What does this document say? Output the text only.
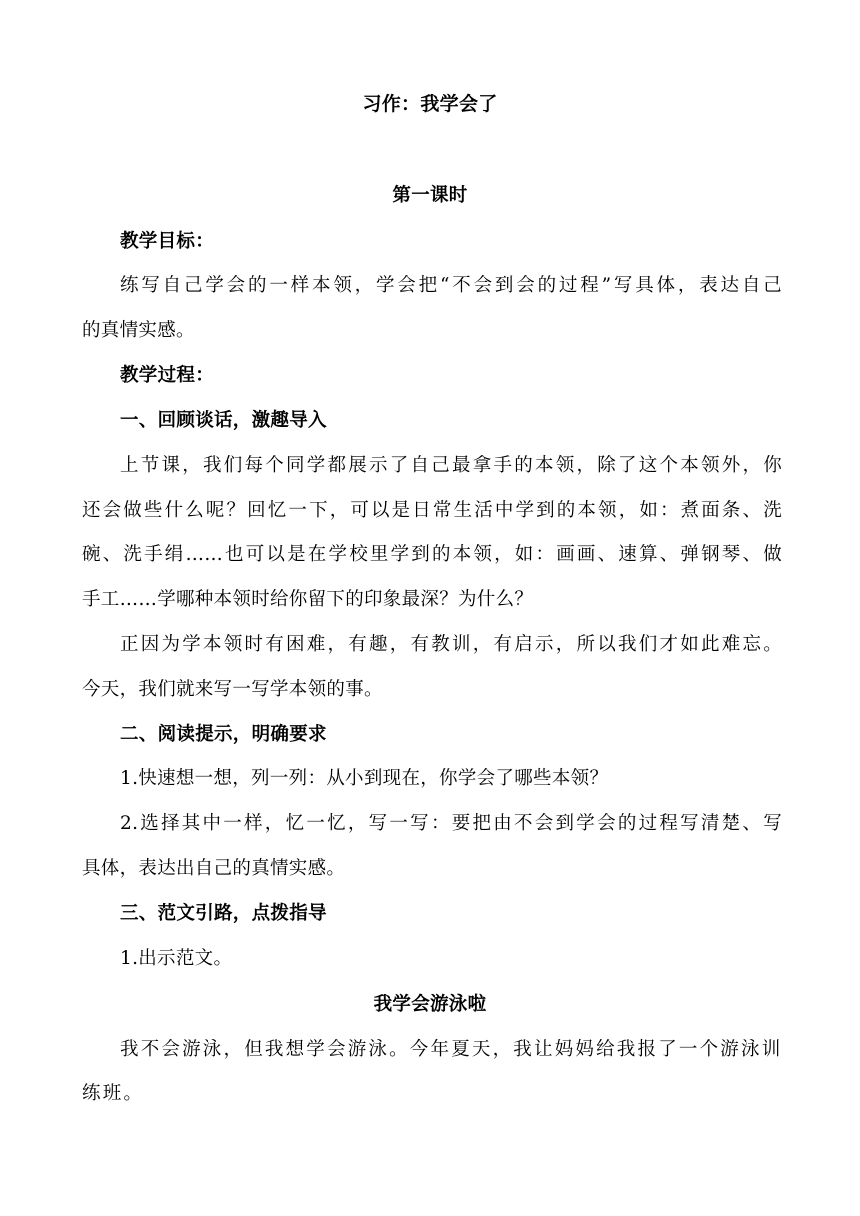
习作：我学会了
第一课时
教学目标：
练写自己学会的一样本领，学会把“不会到会的过程”写具体，表达自己
的真情实感。
教学过程：
一、回顾谈话，激趣导入
上节课，我们每个同学都展示了自己最拿手的本领，除了这个本领外，你
还会做些什么呢？回忆一下，可以是日常生活中学到的本领，如：煮面条、洗
碗、洗手绢……也可以是在学校里学到的本领，如：画画、速算、弹钢琴、做
手工……学哪种本领时给你留下的印象最深？为什么？
正因为学本领时有困难，有趣，有教训，有启示，所以我们才如此难忘。
今天，我们就来写一写学本领的事。
二、阅读提示，明确要求
1.快速想一想，列一列：从小到现在，你学会了哪些本领？
2.选择其中一样，忆一忆，写一写：要把由不会到学会的过程写清楚、写
具体，表达出自己的真情实感。
三、范文引路，点拨指导
1.出示范文。
我学会游泳啦
我不会游泳，但我想学会游泳。今年夏天，我让妈妈给我报了一个游泳训
练班。
